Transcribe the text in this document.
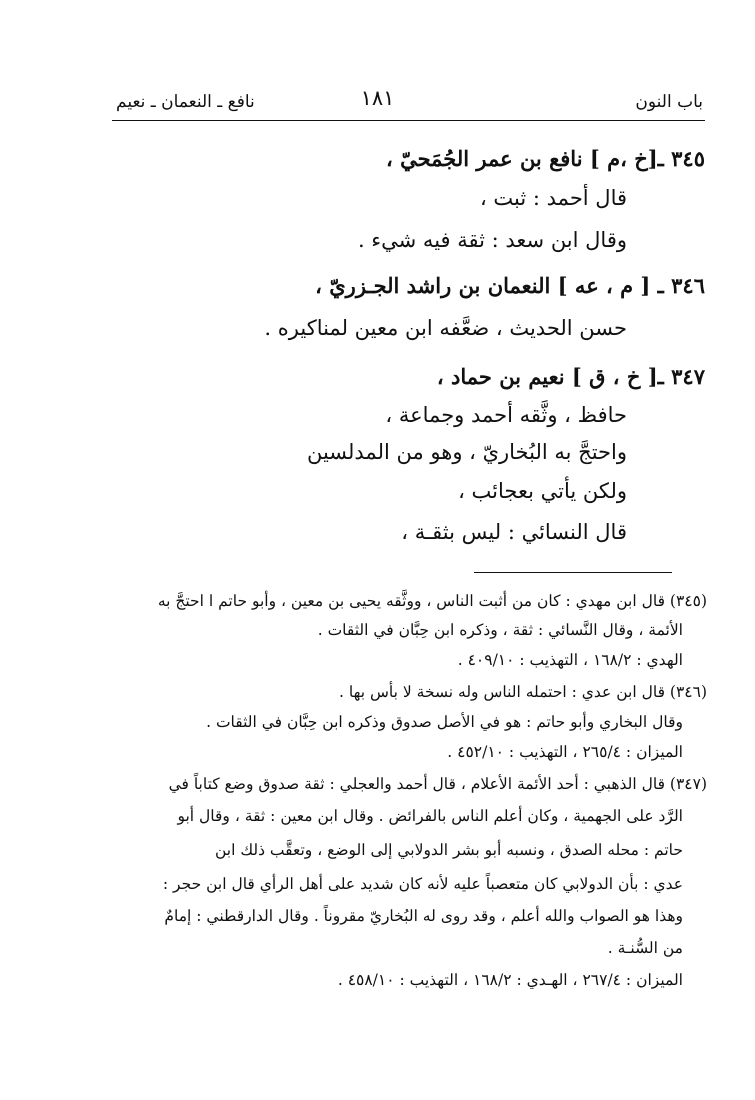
باب النون
١٨١
نافع ـ النعمان ـ نعيم
٣٤٥ ـ[خ ،م ] نافع بن عمر الجُمَحيّ ،
قال أحمد : ثبت ،
وقال ابن سعد : ثقة فيه شيء .
٣٤٦ ـ [ م ، عه ] النعمان بن راشد الجـزريّ ،
حسن الحديث ، ضعَّفه ابن معين لمناكيره .
٣٤٧ ـ[ خ ، ق ] نعيم بن حماد ،
حافظ ، وثَّقه أحمد وجماعة ،
واحتجَّ به البُخاريّ ، وهو من المدلسين
ولكن يأتي بعجائب ،
قال النسائي : ليس بثقـة ،
(٣٤٥) قال ابن مهدي : كان من أثبت الناس ، ووثَّقه يحيى بن معين ، وأبو حاتم ا احتجَّ به
الأئمة ، وقال النَّسائي : ثقة ، وذكره ابن حِبَّان في الثقات .
الهدي : ١٦٨/٢ ، التهذيب : ٤٠٩/١٠ .
(٣٤٦) قال ابن عدي : احتمله الناس وله نسخة لا بأس بها .
وقال البخاري وأبو حاتم : هو في الأصل صدوق وذكره ابن حِبَّان في الثقات .
الميزان : ٢٦٥/٤ ، التهذيب : ٤٥٢/١٠ .
(٣٤٧) قال الذهبي : أحد الأئمة الأعلام ، قال أحمد والعجلي : ثقة صدوق وضع كتاباً في
الرَّد على الجهمية ، وكان أعلم الناس بالفرائض . وقال ابن معين : ثقة ، وقال أبو
حاتم : محله الصدق ، ونسبه أبو بشر الدولابي إلى الوضع ، وتعقَّب ذلك ابن
عدي : بأن الدولابي كان متعصباً عليه لأنه كان شديد على أهل الرأي قال ابن حجر :
وهذا هو الصواب والله أعلم ، وقد روى له البُخاريّ مقروناً . وقال الدارقطني : إمامٌ
من السُّنـة .
الميزان : ٢٦٧/٤ ، الهـدي : ١٦٨/٢ ، التهذيب : ٤٥٨/١٠ .
